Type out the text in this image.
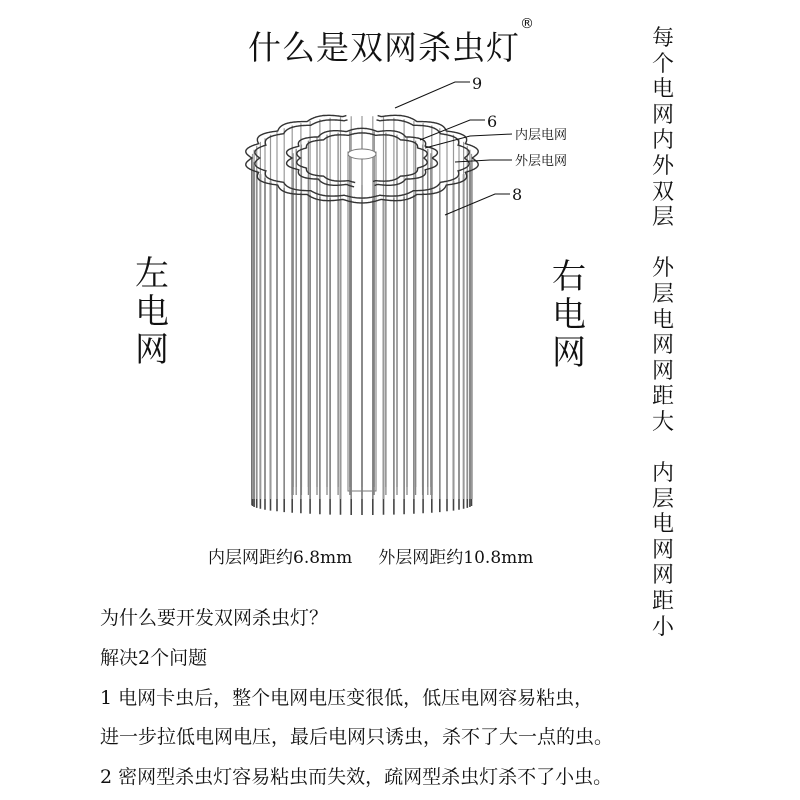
什么是双网杀虫灯®
每
个
电
网
内
外
双
层

外
层
电
网
网
距
大

内
层
电
网
网
距
小
左
电
网
右
电
网
9
6
8
内层电网
外层电网
内层网距约6.8mm 外层网距约10.8mm
为什么要开发双网杀虫灯？
解决2个问题
1 电网卡虫后，整个电网电压变很低，低压电网容易粘虫，
进一步拉低电网电压，最后电网只诱虫，杀不了大一点的虫。
2 密网型杀虫灯容易粘虫而失效，疏网型杀虫灯杀不了小虫。
